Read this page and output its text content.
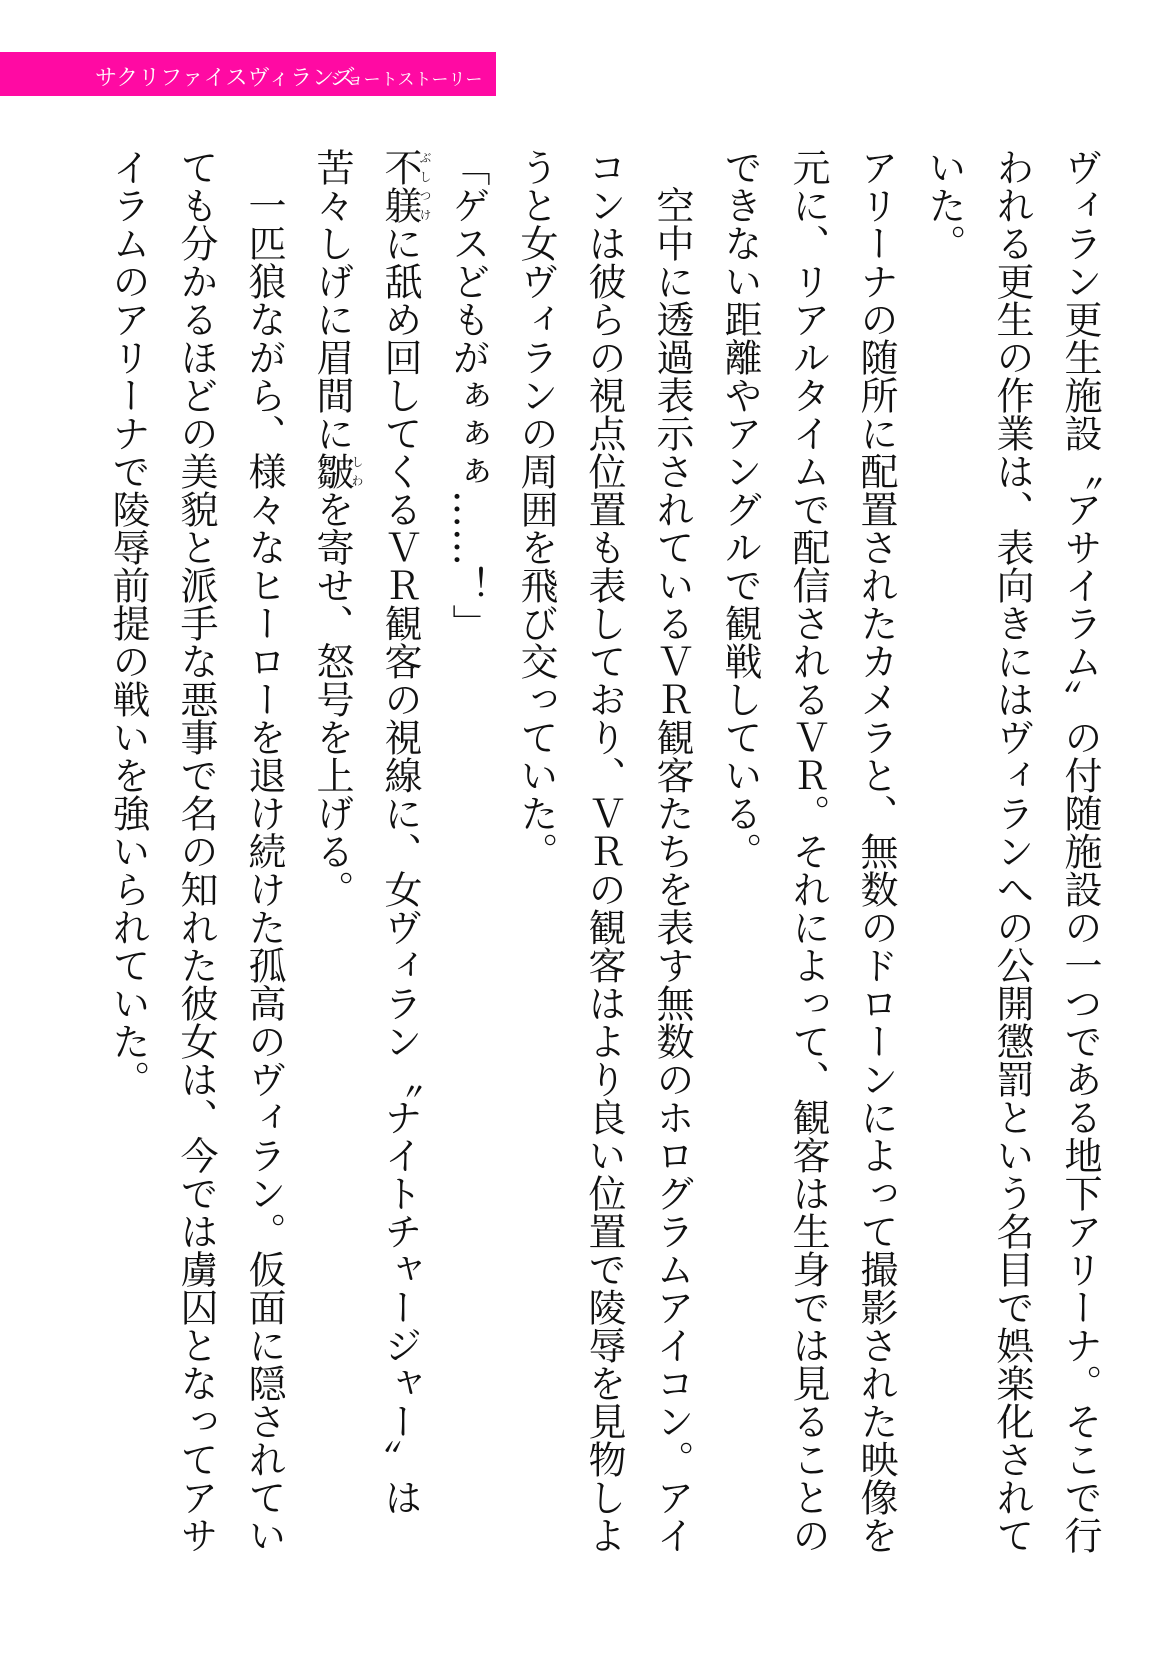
サクリファイスヴィランズ
ショートストーリー

ヴィラン更生施設〝アサイラム〟の付随施設の一つである地下アリーナ。そこで行われる更生の作業は、表向きにはヴィランへの公開懲罰という名目で娯楽化されていた。

アリーナの随所に配置されたカメラと、無数のドローンによって撮影された映像を元に、リアルタイムで配信されるＶＲ。それによって、観客は生身では見ることのできない距離やアングルで観戦している。

空中に透過表示されているＶＲ観客たちを表す無数のホログラムアイコン。アイコンは彼らの視点位置も表しており、ＶＲの観客はより良い位置で陵辱を見物しようと女ヴィランの周囲を飛び交っていた。

「ゲスどもがぁぁぁ……！」

不躾ぶしつけに舐め回してくるＶＲ観客の視線に、女ヴィラン〝ナイトチャージャー〟は苦々しげに眉間に皺しわを寄せ、怒号を上げる。

一匹狼ながら、様々なヒーローを退け続けた孤高のヴィラン。仮面に隠されていても分かるほどの美貌と派手な悪事で名の知れた彼女は、今では虜囚となってアサイラムのアリーナで陵辱前提の戦いを強いられていた。
